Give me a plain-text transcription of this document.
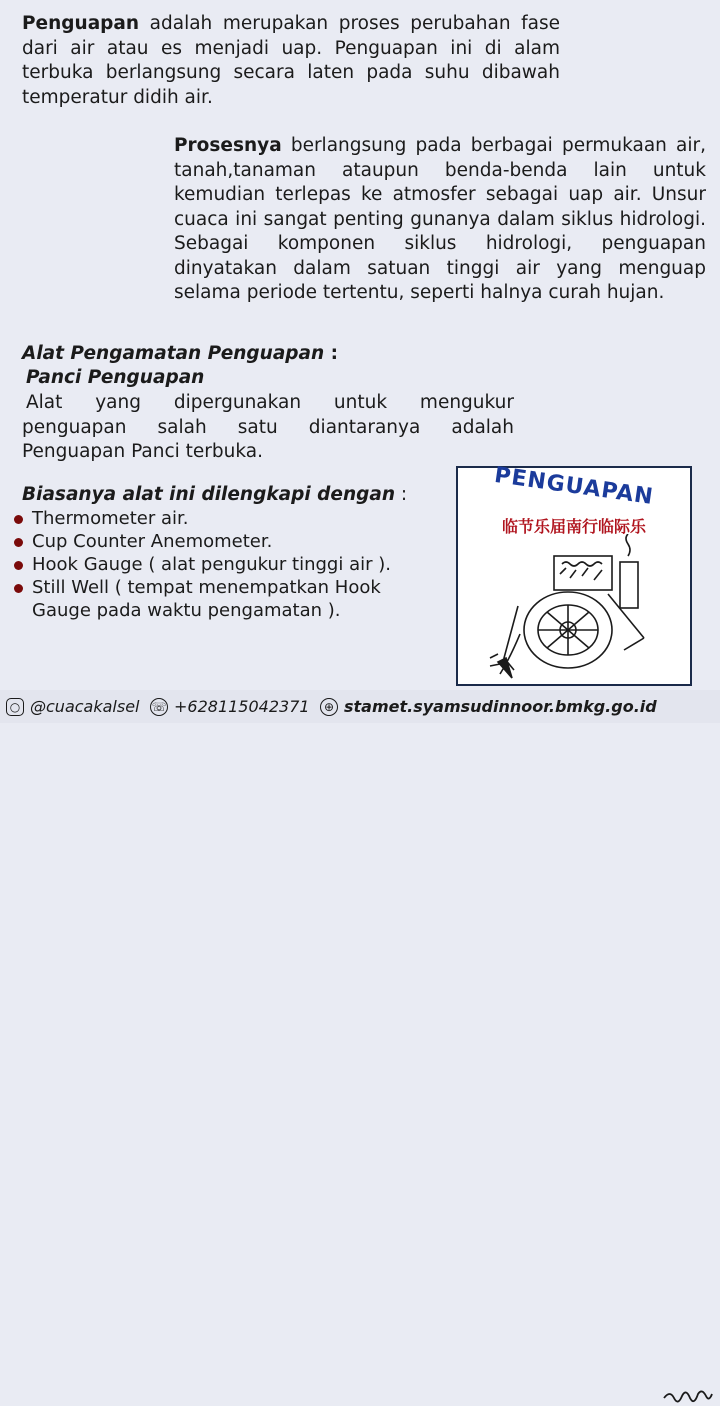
Penguapan adalah merupakan proses perubahan fase dari air atau es menjadi uap. Penguapan ini di alam terbuka berlangsung secara laten pada suhu dibawah temperatur didih air.
Prosesnya berlangsung pada berbagai permukaan air, tanah,tanaman ataupun benda-benda lain untuk kemudian terlepas ke atmosfer sebagai uap air. Unsur cuaca ini sangat penting gunanya dalam siklus hidrologi. Sebagai komponen siklus hidrologi, penguapan dinyatakan dalam satuan tinggi air yang menguap selama periode tertentu, seperti halnya curah hujan.
Alat Pengamatan Penguapan :
Panci Penguapan
Alat yang dipergunakan untuk mengukur penguapan salah satu diantaranya adalah Penguapan Panci terbuka.
Biasanya alat ini dilengkapi dengan :
Thermometer air.
Cup Counter Anemometer.
Hook Gauge ( alat pengukur tinggi air ).
Still Well ( tempat menempatkan Hook Gauge pada waktu pengamatan ).
PENGUAPAN
临节乐届南行临际乐
○ @cuacakalsel ☏ +628115042371	⊕ stamet.syamsudinnoor.bmkg.go.id
